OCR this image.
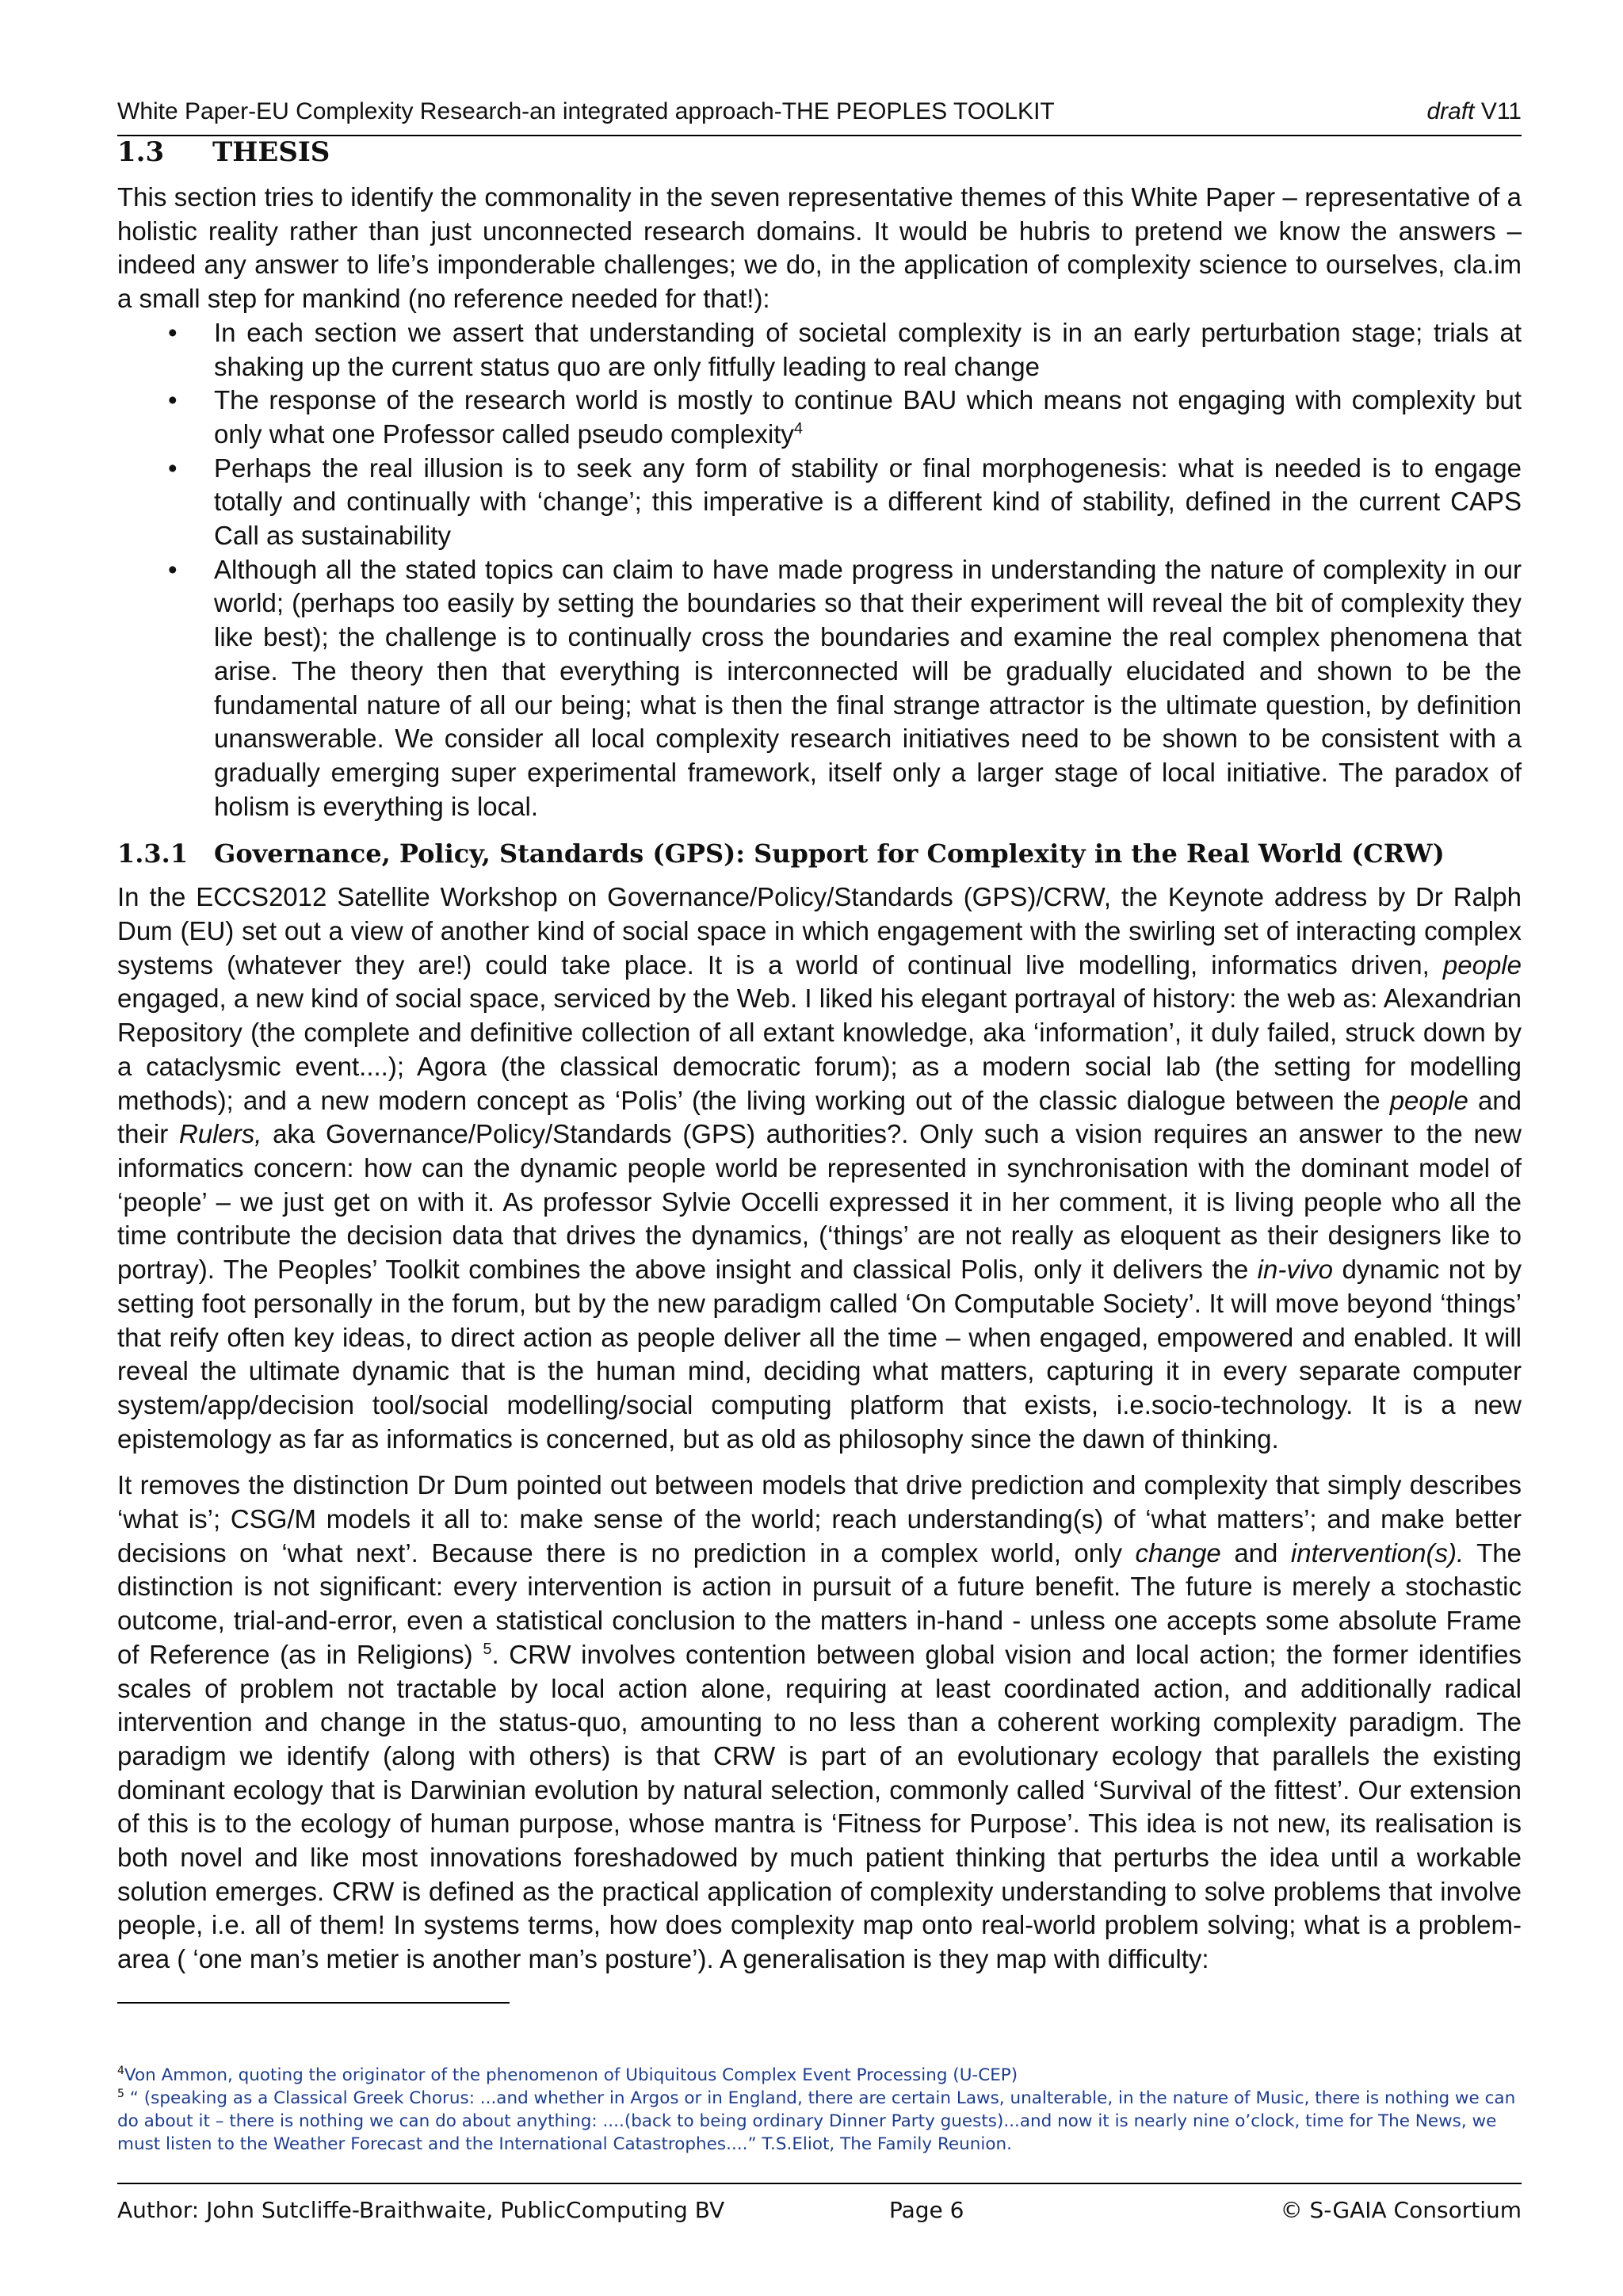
White Paper-EU Complexity Research-an integrated approach-THE PEOPLES TOOLKIT	draft V11
1.3 THESIS

This section tries to identify the commonality in the seven representative themes of this White Paper – representative of a holistic reality rather than just unconnected research domains. It would be hubris to pretend we know the answers – indeed any answer to life’s imponderable challenges; we do, in the application of complexity science to ourselves, cla.im a small step for mankind (no reference needed for that!):

• In each section we assert that understanding of societal complexity is in an early perturbation stage; trials at shaking up the current status quo are only fitfully leading to real change
• The response of the research world is mostly to continue BAU which means not engaging with complexity but only what one Professor called pseudo complexity$^4$
• Perhaps the real illusion is to seek any form of stability or final morphogenesis: what is needed is to engage totally and continually with ‘change’; this imperative is a different kind of stability, defined in the current CAPS Call as sustainability
• Although all the stated topics can claim to have made progress in understanding the nature of complexity in our world; (perhaps too easily by setting the boundaries so that their experiment will reveal the bit of complexity they like best); the challenge is to continually cross the boundaries and examine the real complex phenomena that arise. The theory then that everything is interconnected will be gradually elucidated and shown to be the fundamental nature of all our being; what is then the final strange attractor is the ultimate question, by definition unanswerable. We consider all local complexity research initiatives need to be shown to be consistent with a gradually emerging super experimental framework, itself only a larger stage of local initiative. The paradox of holism is everything is local.
1.3.1 Governance, Policy, Standards (GPS): Support for Complexity in the Real World (CRW)

In the ECCS2012 Satellite Workshop on Governance/Policy/Standards (GPS)/CRW, the Keynote address by Dr Ralph Dum (EU) set out a view of another kind of social space in which engagement with the swirling set of interacting complex systems (whatever they are!) could take place. It is a world of continual live modelling, informatics driven, people engaged, a new kind of social space, serviced by the Web. I liked his elegant portrayal of history: the web as: Alexandrian Repository (the complete and definitive collection of all extant knowledge, aka ‘information’, it duly failed, struck down by a cataclysmic event....); Agora (the classical democratic forum); as a modern social lab (the setting for modelling methods); and a new modern concept as ‘Polis’ (the living working out of the classic dialogue between the people and their Rulers, aka Governance/Policy/Standards (GPS) authorities?. Only such a vision requires an answer to the new informatics concern: how can the dynamic people world be represented in synchronisation with the dominant model of ‘people’ – we just get on with it. As professor Sylvie Occelli expressed it in her comment, it is living people who all the time contribute the decision data that drives the dynamics, (‘things’ are not really as eloquent as their designers like to portray). The Peoples’ Toolkit combines the above insight and classical Polis, only it delivers the in-vivo dynamic not by setting foot personally in the forum, but by the new paradigm called ‘On Computable Society’. It will move beyond ‘things’ that reify often key ideas, to direct action as people deliver all the time – when engaged, empowered and enabled. It will reveal the ultimate dynamic that is the human mind, deciding what matters, capturing it in every separate computer system/app/decision tool/social modelling/social computing platform that exists, i.e.socio-technology. It is a new epistemology as far as informatics is concerned, but as old as philosophy since the dawn of thinking.

It removes the distinction Dr Dum pointed out between models that drive prediction and complexity that simply describes ‘what is’; CSG/M models it all to: make sense of the world; reach understanding(s) of ‘what matters’; and make better decisions on ‘what next’. Because there is no prediction in a complex world, only change and intervention(s). The distinction is not significant: every intervention is action in pursuit of a future benefit. The future is merely a stochastic outcome, trial-and-error, even a statistical conclusion to the matters in-hand - unless one accepts some absolute Frame of Reference (as in Religions) $^5$. CRW involves contention between global vision and local action; the former identifies scales of problem not tractable by local action alone, requiring at least coordinated action, and additionally radical intervention and change in the status-quo, amounting to no less than a coherent working complexity paradigm. The paradigm we identify (along with others) is that CRW is part of an evolutionary ecology that parallels the existing dominant ecology that is Darwinian evolution by natural selection, commonly called ‘Survival of the fittest’. Our extension of this is to the ecology of human purpose, whose mantra is ‘Fitness for Purpose’. This idea is not new, its realisation is both novel and like most innovations foreshadowed by much patient thinking that perturbs the idea until a workable solution emerges. CRW is defined as the practical application of complexity understanding to solve problems that involve people, i.e. all of them! In systems terms, how does complexity map onto real-world problem solving; what is a problem-area ( ‘one man’s metier is another man’s posture’). A generalisation is they map with difficulty:

$^4$Von Ammon, quoting the originator of the phenomenon of Ubiquitous Complex Event Processing (U-CEP)

$^5$ “ (speaking as a Classical Greek Chorus: ...and whether in Argos or in England, there are certain Laws, unalterable, in the nature of Music, there is nothing we can do about it – there is nothing we can do about anything: ....(back to being ordinary Dinner Party guests)...and now it is nearly nine o’clock, time for The News, we must listen to the Weather Forecast and the International Catastrophes....” T.S.Eliot, The Family Reunion.

Author: John Sutcliffe-Braithwaite, PublicComputing BV	Page 6	© S-GAIA Consortium
